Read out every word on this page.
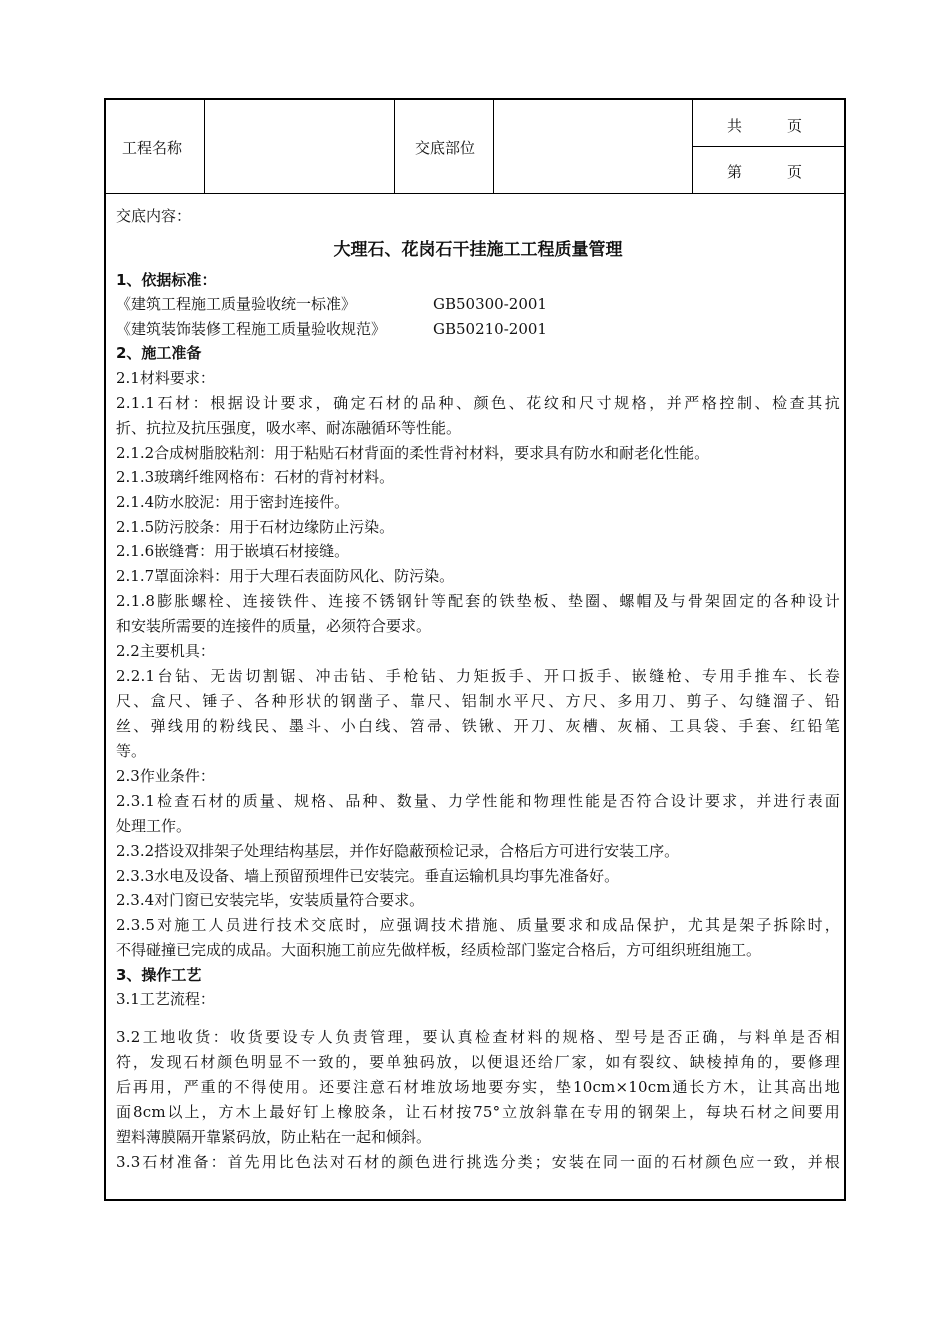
工程名称	交底部位
共　　　页
第　　　页
交底内容：
大理石、花岗石干挂施工工程质量管理
1、依据标准：
《建筑工程施工质量验收统一标准》	GB50300-2001
《建筑装饰装修工程施工质量验收规范》	GB50210-2001
2、施工准备
2.1材料要求：
2.1.1石材：根据设计要求，确定石材的品种、颜色、花纹和尺寸规格，并严格控制、检查其抗
折、抗拉及抗压强度，吸水率、耐冻融循环等性能。
2.1.2合成树脂胶粘剂：用于粘贴石材背面的柔性背衬材料，要求具有防水和耐老化性能。
2.1.3玻璃纤维网格布：石材的背衬材料。
2.1.4防水胶泥：用于密封连接件。
2.1.5防污胶条：用于石材边缘防止污染。
2.1.6嵌缝膏：用于嵌填石材接缝。
2.1.7罩面涂料：用于大理石表面防风化、防污染。
2.1.8膨胀螺栓、连接铁件、连接不锈钢针等配套的铁垫板、垫圈、螺帽及与骨架固定的各种设计
和安装所需要的连接件的质量，必须符合要求。
2.2主要机具：
2.2.1台钻、无齿切割锯、冲击钻、手枪钻、力矩扳手、开口扳手、嵌缝枪、专用手推车、长卷
尺、盒尺、锤子、各种形状的钢凿子、靠尺、铝制水平尺、方尺、多用刀、剪子、勾缝溜子、铅
丝、弹线用的粉线民、墨斗、小白线、笤帚、铁锹、开刀、灰槽、灰桶、工具袋、手套、红铅笔
等。
2.3作业条件：
2.3.1检查石材的质量、规格、品种、数量、力学性能和物理性能是否符合设计要求，并进行表面
处理工作。
2.3.2搭设双排架子处理结构基层，并作好隐蔽预检记录，合格后方可进行安装工序。
2.3.3水电及设备、墙上预留预埋件已安装完。垂直运输机具均事先准备好。
2.3.4对门窗已安装完毕，安装质量符合要求。
2.3.5对施工人员进行技术交底时，应强调技术措施、质量要求和成品保护，尤其是架子拆除时，
不得碰撞已完成的成品。大面积施工前应先做样板，经质检部门鉴定合格后，方可组织班组施工。
3、操作工艺
3.1工艺流程：
3.2工地收货：收货要设专人负责管理，要认真检查材料的规格、型号是否正确，与料单是否相
符，发现石材颜色明显不一致的，要单独码放，以便退还给厂家，如有裂纹、缺棱掉角的，要修理
后再用，严重的不得使用。还要注意石材堆放场地要夯实，垫10cm×10cm通长方木，让其高出地
面8cm以上，方木上最好钉上橡胶条，让石材按75°立放斜靠在专用的钢架上，每块石材之间要用
塑料薄膜隔开靠紧码放，防止粘在一起和倾斜。
3.3石材准备：首先用比色法对石材的颜色进行挑选分类；安装在同一面的石材颜色应一致，并根
